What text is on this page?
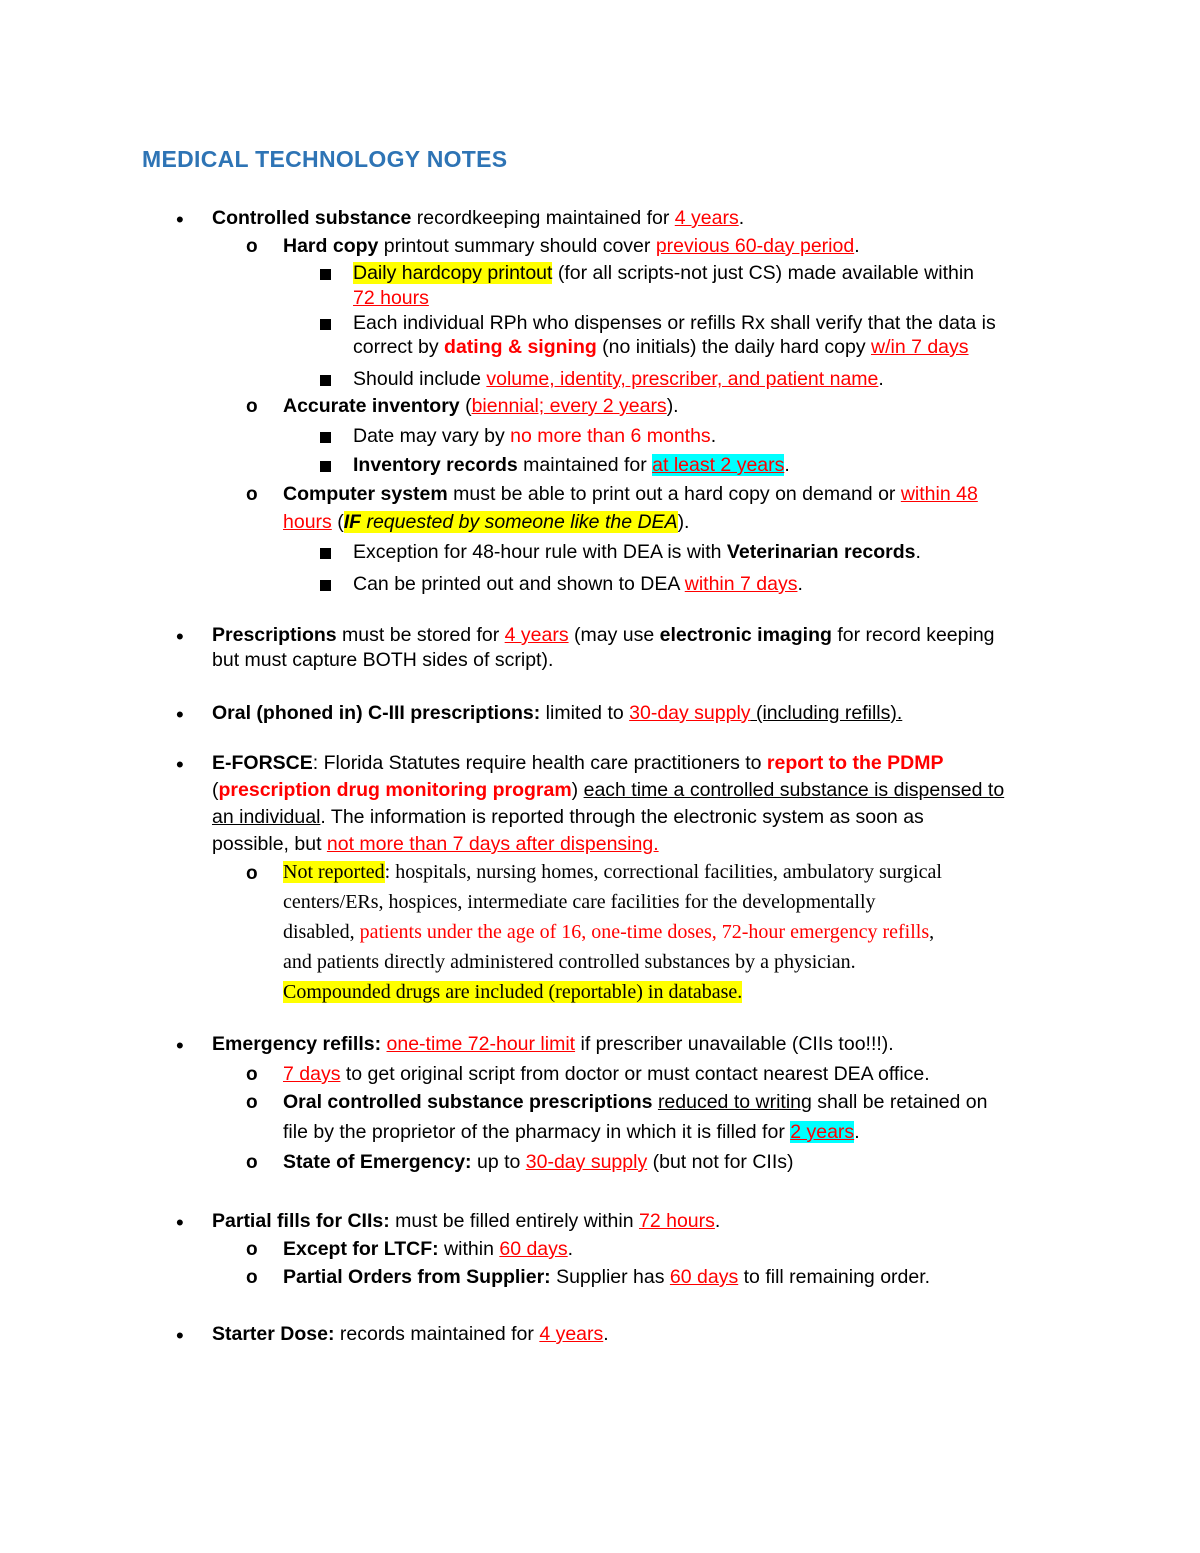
MEDICAL TECHNOLOGY NOTES
• Controlled substance recordkeeping maintained for 4 years.
o Hard copy printout summary should cover previous 60-day period.
Daily hardcopy printout (for all scripts-not just CS) made available within
72 hours
Each individual RPh who dispenses or refills Rx shall verify that the data is
correct by dating & signing (no initials) the daily hard copy w/in 7 days
Should include volume, identity, prescriber, and patient name.
o Accurate inventory (biennial; every 2 years).
Date may vary by no more than 6 months.
Inventory records maintained for at least 2 years.
o Computer system must be able to print out a hard copy on demand or within 48
hours (IF requested by someone like the DEA).
Exception for 48-hour rule with DEA is with Veterinarian records.
Can be printed out and shown to DEA within 7 days.
• Prescriptions must be stored for 4 years (may use electronic imaging for record keeping
but must capture BOTH sides of script).
• Oral (phoned in) C-III prescriptions: limited to 30-day supply (including refills).
• E-FORSCE: Florida Statutes require health care practitioners to report to the PDMP
(prescription drug monitoring program) each time a controlled substance is dispensed to
an individual. The information is reported through the electronic system as soon as
possible, but not more than 7 days after dispensing.
o Not reported: hospitals, nursing homes, correctional facilities, ambulatory surgical
centers/ERs, hospices, intermediate care facilities for the developmentally
disabled, patients under the age of 16, one-time doses, 72-hour emergency refills,
and patients directly administered controlled substances by a physician.
Compounded drugs are included (reportable) in database.
• Emergency refills: one-time 72-hour limit if prescriber unavailable (CIIs too!!!).
o 7 days to get original script from doctor or must contact nearest DEA office.
o Oral controlled substance prescriptions reduced to writing shall be retained on
file by the proprietor of the pharmacy in which it is filled for 2 years.
o State of Emergency: up to 30-day supply (but not for CIIs)
• Partial fills for CIIs: must be filled entirely within 72 hours.
o Except for LTCF: within 60 days.
o Partial Orders from Supplier: Supplier has 60 days to fill remaining order.
• Starter Dose: records maintained for 4 years.
